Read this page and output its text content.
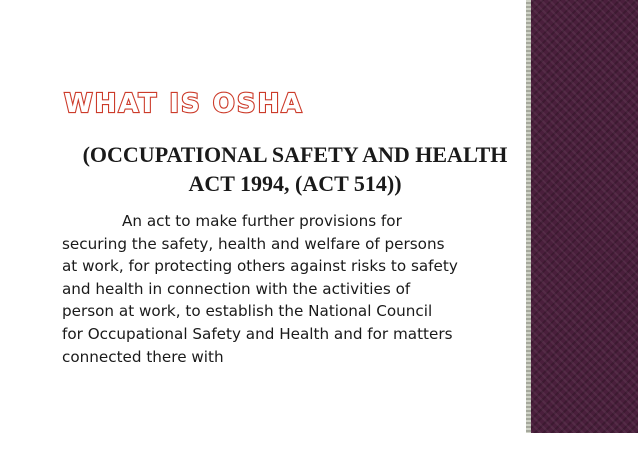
WHAT IS OSHA
(OCCUPATIONAL SAFETY AND HEALTH
ACT 1994, (ACT 514))
An act to make further provisions for
securing the safety, health and welfare of persons
at work, for protecting others against risks to safety
and health in connection with the activities of
person at work, to establish the National Council
for Occupational Safety and Health and for matters
connected there with
